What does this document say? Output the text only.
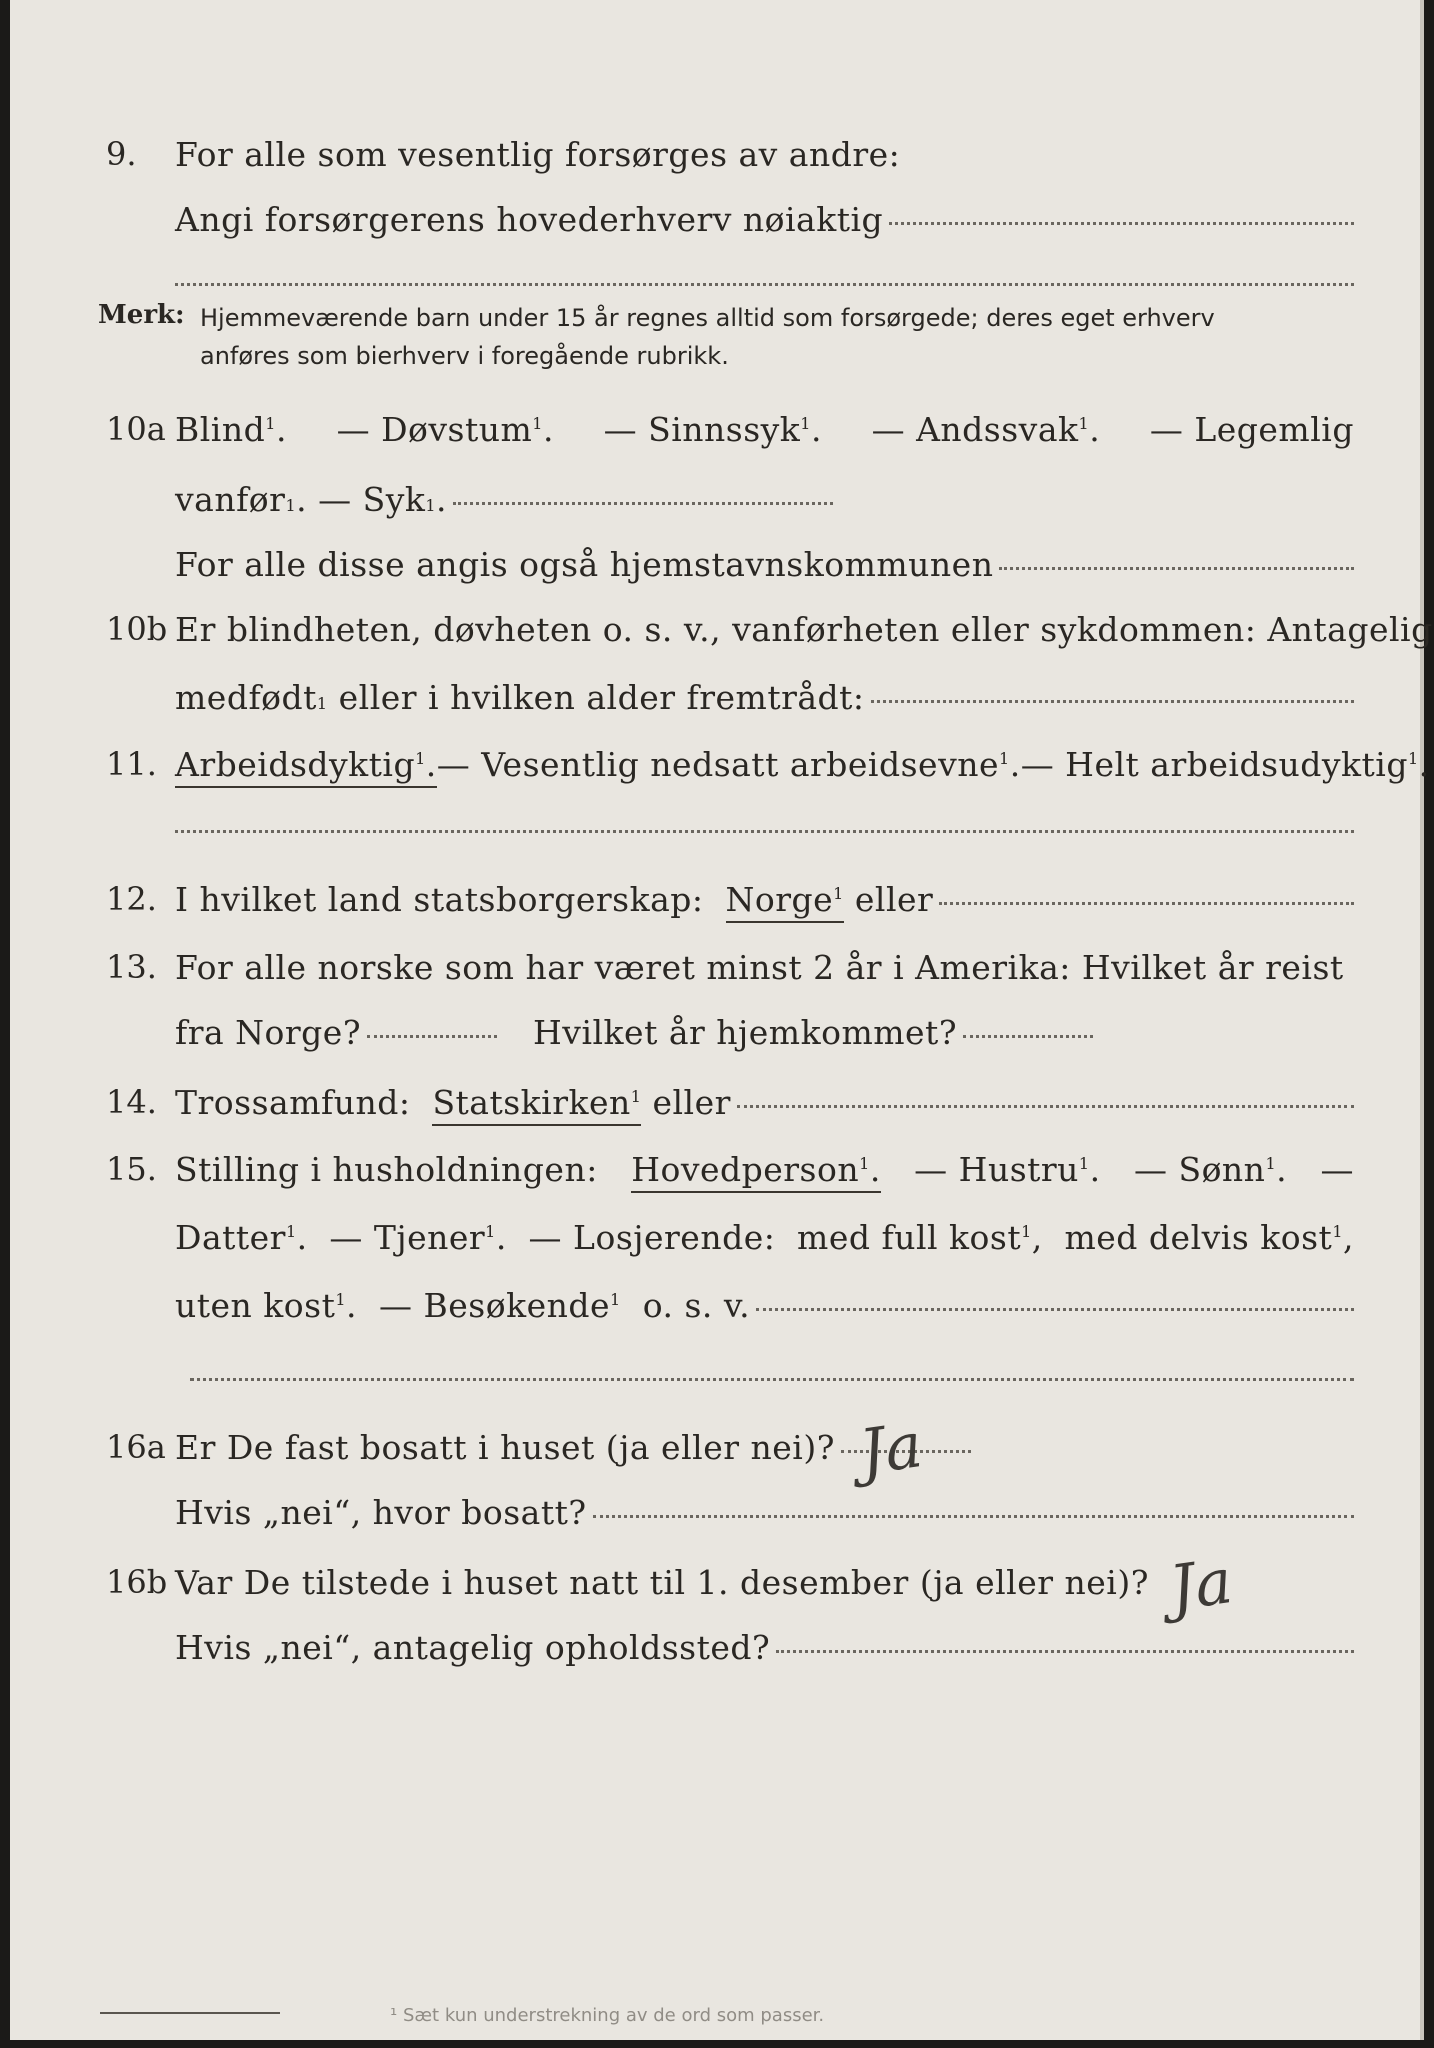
9. For alle som vesentlig forsørges av andre:
Angi forsørgerens hovederhverv nøiaktig
Merk: Hjemmeværende barn under 15 år regnes alltid som forsørgede; deres eget erhverv
anføres som bierhverv i foregående rubrikk.
10a Blind$^1$. — Døvstum$^1$. — Sinnssyk$^1$. — Andssvak$^1$. — Legemlig
vanfør 1 . — Syk 1 .
For alle disse angis også hjemstavnskommunen
10b Er blindheten, døvheten o. s. v., vanførheten eller sykdommen: Antagelig
medfødt 1
eller i hvilken alder fremtrådt:
11. Arbeidsdyktig$^1$. — Vesentlig nedsatt arbeidsevne$^1$. — Helt arbeidsudyktig$^1$.
12. I hvilket land statsborgerskap:
Norge$^1$
eller
13. For alle norske som har været minst 2 år i Amerika: Hvilket år reist
fra Norge?	Hvilket år hjemkommet?
14. Trossamfund:
Statskirken$^1$
eller
15. Stilling i husholdningen: Hovedperson$^1$. — Hustru$^1$. — Sønn$^1$. —
Datter$^1$. — Tjener$^1$. — Losjerende: med full kost$^1$, med delvis kost$^1$,
uten kost$^1$.
— Besøkende$^1$
o. s. v.
16a Er De fast bosatt i huset (ja eller nei)? Ja
Hvis „nei“, hvor bosatt?
16b Var De tilstede i huset natt til 1. desember (ja eller nei)? Ja
Hvis „nei“, antagelig opholdssted?
¹ Sæt kun understrekning av de ord som passer.
